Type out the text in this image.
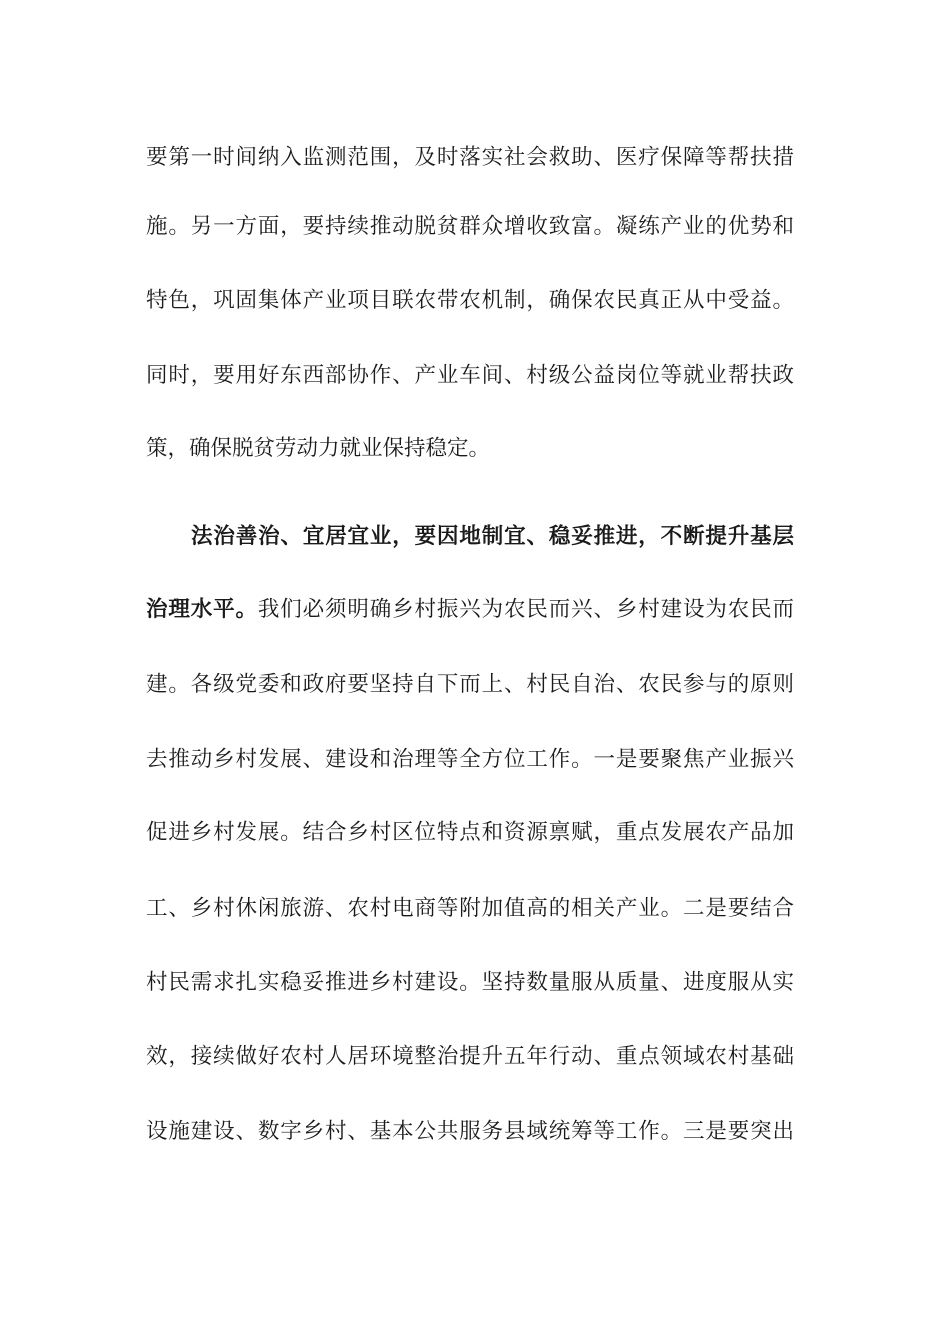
要第一时间纳入监测范围，及时落实社会救助、医疗保障等帮扶措
施。另一方面，要持续推动脱贫群众增收致富。凝练产业的优势和
特色，巩固集体产业项目联农带农机制，确保农民真正从中受益。
同时，要用好东西部协作、产业车间、村级公益岗位等就业帮扶政
策，确保脱贫劳动力就业保持稳定。
法治善治、宜居宜业，要因地制宜、稳妥推进，不断提升基层
治理水平。我们必须明确乡村振兴为农民而兴、乡村建设为农民而
建。各级党委和政府要坚持自下而上、村民自治、农民参与的原则
去推动乡村发展、建设和治理等全方位工作。一是要聚焦产业振兴
促进乡村发展。结合乡村区位特点和资源禀赋，重点发展农产品加
工、乡村休闲旅游、农村电商等附加值高的相关产业。二是要结合
村民需求扎实稳妥推进乡村建设。坚持数量服从质量、进度服从实
效，接续做好农村人居环境整治提升五年行动、重点领域农村基础
设施建设、数字乡村、基本公共服务县域统筹等工作。三是要突出
